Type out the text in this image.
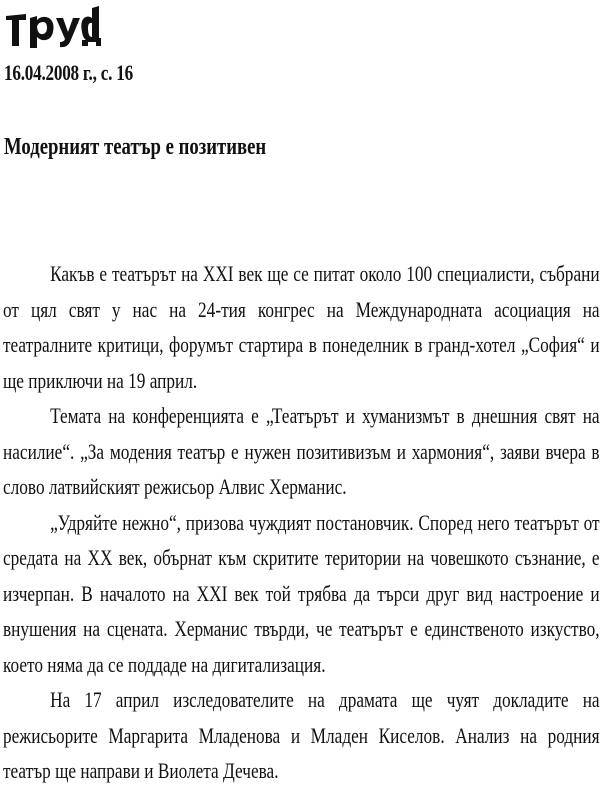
16.04.2008 г., с. 16
Модерният театър е позитивен

Какъв е театърът на XXI век ще се питат около 100 специалисти, събрани от цял свят у нас на 24-тия конгрес на Международната асоциация на театралните критици, форумът стартира в понеделник в гранд-хотел „София“ и ще приключи на 19 април.

Темата на конференцията е „Театърът и хуманизмът в днешния свят на насилие“. „За модения театър е нужен позитивизъм и хармония“, заяви вчера в слово латвийският режисьор Алвис Херманис.

„Удряйте нежно“, призова чуждият постановчик. Според него театърът от средата на XX век, обърнат към скритите територии на човешкото съзнание, е изчерпан. В началото на XXI век той трябва да търси друг вид настроение и внушения на сцената. Херманис твърди, че театърът е единственото изкуство, което няма да се поддаде на дигитализация.

На 17 април изследователите на драмата ще чуят докладите на режисьорите Маргарита Младенова и Младен Киселов. Анализ на родния театър ще направи и Виолета Дечева.
